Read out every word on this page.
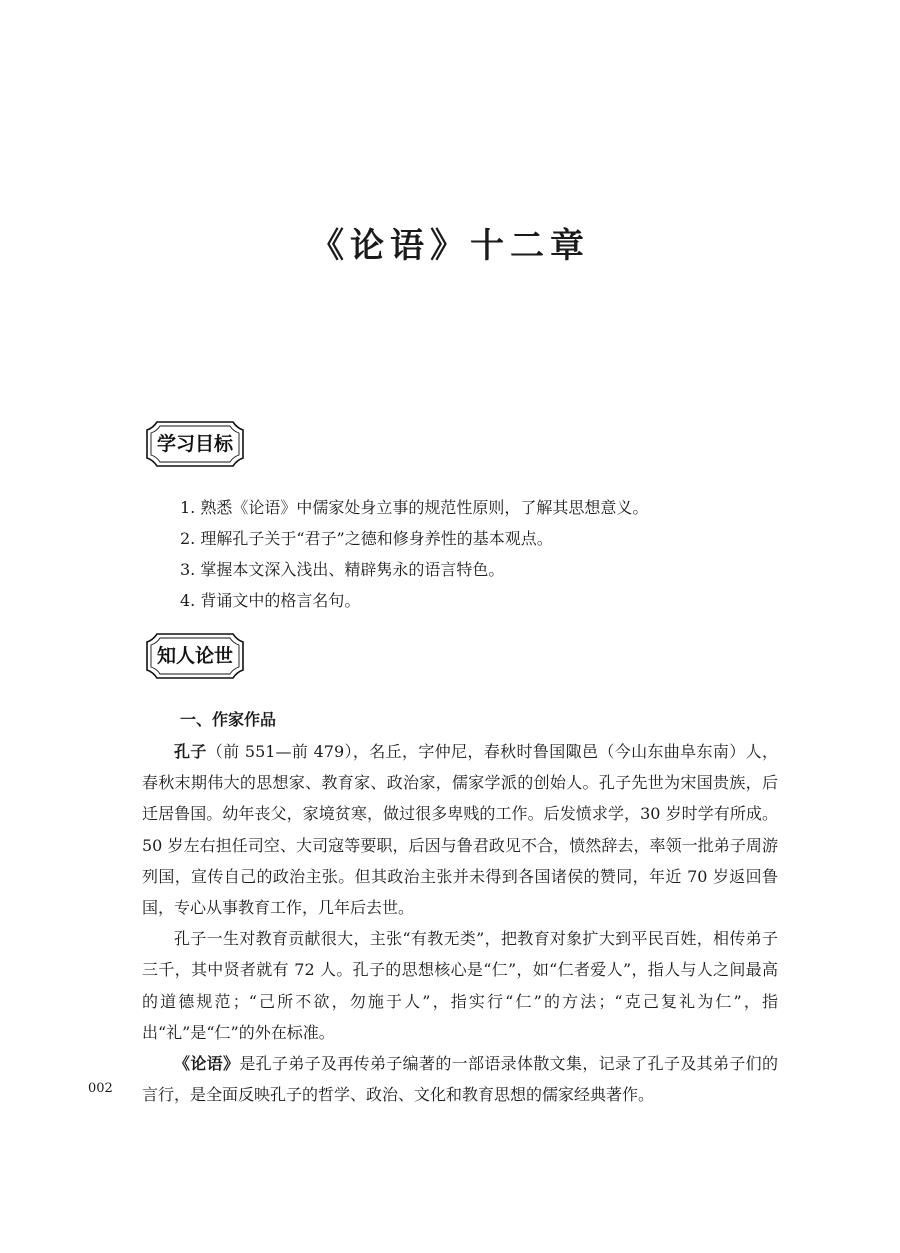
《论语》十二章
学习目标
1. 熟悉《论语》中儒家处身立事的规范性原则，了解其思想意义。
2. 理解孔子关于“君子”之德和修身养性的基本观点。
3. 掌握本文深入浅出、精辟隽永的语言特色。
4. 背诵文中的格言名句。
知人论世
一、作家作品

孔子（前 551—前 479），名丘，字仲尼，春秋时鲁国陬邑（今山东曲阜东南）人，春秋末期伟大的思想家、教育家、政治家，儒家学派的创始人。孔子先世为宋国贵族，后迁居鲁国。幼年丧父，家境贫寒，做过很多卑贱的工作。后发愤求学，30 岁时学有所成。50 岁左右担任司空、大司寇等要职，后因与鲁君政见不合，愤然辞去，率领一批弟子周游列国，宣传自己的政治主张。但其政治主张并未得到各国诸侯的赞同，年近 70 岁返回鲁国，专心从事教育工作，几年后去世。

孔子一生对教育贡献很大，主张“有教无类”，把教育对象扩大到平民百姓，相传弟子三千，其中贤者就有 72 人。孔子的思想核心是“仁”，如“仁者爱人”，指人与人之间最高的道德规范；“己所不欲，勿施于人”，指实行“仁”的方法；“克己复礼为仁”，指出“礼”是“仁”的外在标准。

《论语》是孔子弟子及再传弟子编著的一部语录体散文集，记录了孔子及其弟子们的言行，是全面反映孔子的哲学、政治、文化和教育思想的儒家经典著作。

002
